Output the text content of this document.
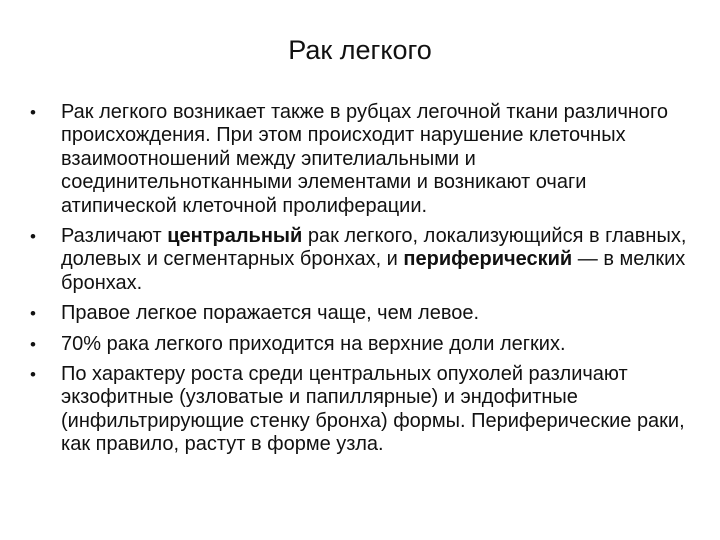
Рак легкого
•	Рак легкого возникает также в рубцах легочной ткани различного происхождения. При этом происходит нарушение клеточных взаимоотношений между эпителиальными и соединительнотканными элементами и возникают очаги атипической клеточной пролиферации.
•	Различают центральный рак легкого, локализующийся в главных, долевых и сегментарных бронхах, и периферический — в мелких бронхах.
•	Правое легкое поражается чаще, чем левое.
•	70% рака легкого приходится на верхние доли легких.
•	По характеру роста среди центральных опухолей различают экзофитные (узловатые и папиллярные) и эндофитные (инфильтрирующие стенку бронха) формы. Периферические раки, как правило, растут в форме узла.
